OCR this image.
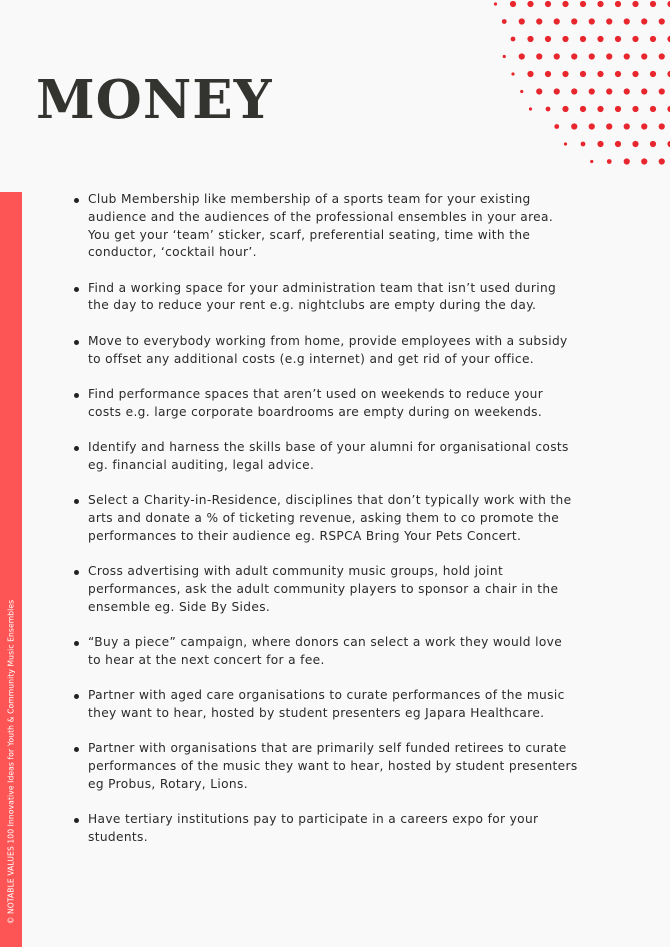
MONEY
© NOTABLE VALUES 100 Innovative Ideas for Youth & Community Music Ensembles
Club Membership like membership of a sports team for your existing audience and the audiences of the professional ensembles in your area. You get your ‘team’ sticker, scarf, preferential seating, time with the conductor, ‘cocktail hour’.
Find a working space for your administration team that isn’t used during the day to reduce your rent e.g. nightclubs are empty during the day.
Move to everybody working from home, provide employees with a subsidy to offset any additional costs (e.g internet) and get rid of your office.
Find performance spaces that aren’t used on weekends to reduce your costs e.g. large corporate boardrooms are empty during on weekends.
Identify and harness the skills base of your alumni for organisational costs eg. financial auditing, legal advice.
Select a Charity-in-Residence, disciplines that don’t typically work with the arts and donate a % of ticketing revenue, asking them to co promote the performances to their audience eg. RSPCA Bring Your Pets Concert.
Cross advertising with adult community music groups, hold joint performances, ask the adult community players to sponsor a chair in the ensemble eg. Side By Sides.
“Buy a piece” campaign, where donors can select a work they would love to hear at the next concert for a fee.
Partner with aged care organisations to curate performances of the music they want to hear, hosted by student presenters eg Japara Healthcare.
Partner with organisations that are primarily self funded retirees to curate performances of the music they want to hear, hosted by student presenters eg Probus, Rotary, Lions.
Have tertiary institutions pay to participate in a careers expo for your students.
